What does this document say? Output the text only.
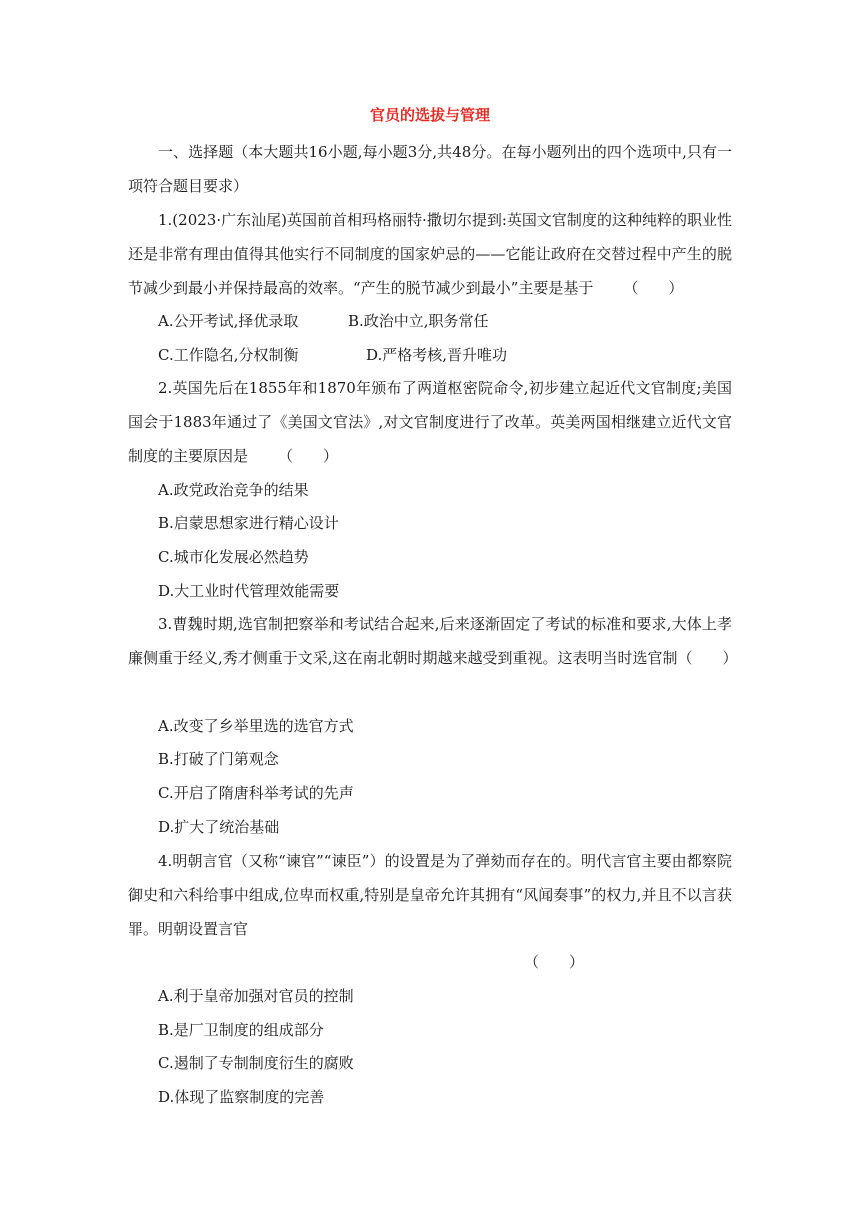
官员的选拔与管理
一、选择题（本大题共16小题,每小题3分,共48分。在每小题列出的四个选项中,只有一项符合题目要求）
1.(2023·广东汕尾)英国前首相玛格丽特·撒切尔提到:英国文官制度的这种纯粹的职业性还是非常有理由值得其他实行不同制度的国家妒忌的——它能让政府在交替过程中产生的脱节减少到最小并保持最高的效率。“产生的脱节减少到最小”主要是基于  （  ）
A.公开考试,择优录取	B.政治中立,职务常任
C.工作隐名,分权制衡	D.严格考核,晋升唯功
2.英国先后在1855年和1870年颁布了两道枢密院命令,初步建立起近代文官制度;美国国会于1883年通过了《美国文官法》,对文官制度进行了改革。英美两国相继建立近代文官制度的主要原因是  （  ）
A.政党政治竞争的结果
B.启蒙思想家进行精心设计
C.城市化发展必然趋势
D.大工业时代管理效能需要
3.曹魏时期,选官制把察举和考试结合起来,后来逐渐固定了考试的标准和要求,大体上孝廉侧重于经义,秀才侧重于文采,这在南北朝时期越来越受到重视。这表明当时选官制（  ）
A.改变了乡举里选的选官方式
B.打破了门第观念
C.开启了隋唐科举考试的先声
D.扩大了统治基础
4.明朝言官（又称“谏官”“谏臣”）的设置是为了弹劾而存在的。明代言官主要由都察院御史和六科给事中组成,位卑而权重,特别是皇帝允许其拥有“风闻奏事”的权力,并且不以言获罪。明朝设置言官
（  ）
A.利于皇帝加强对官员的控制
B.是厂卫制度的组成部分
C.遏制了专制制度衍生的腐败
D.体现了监察制度的完善
